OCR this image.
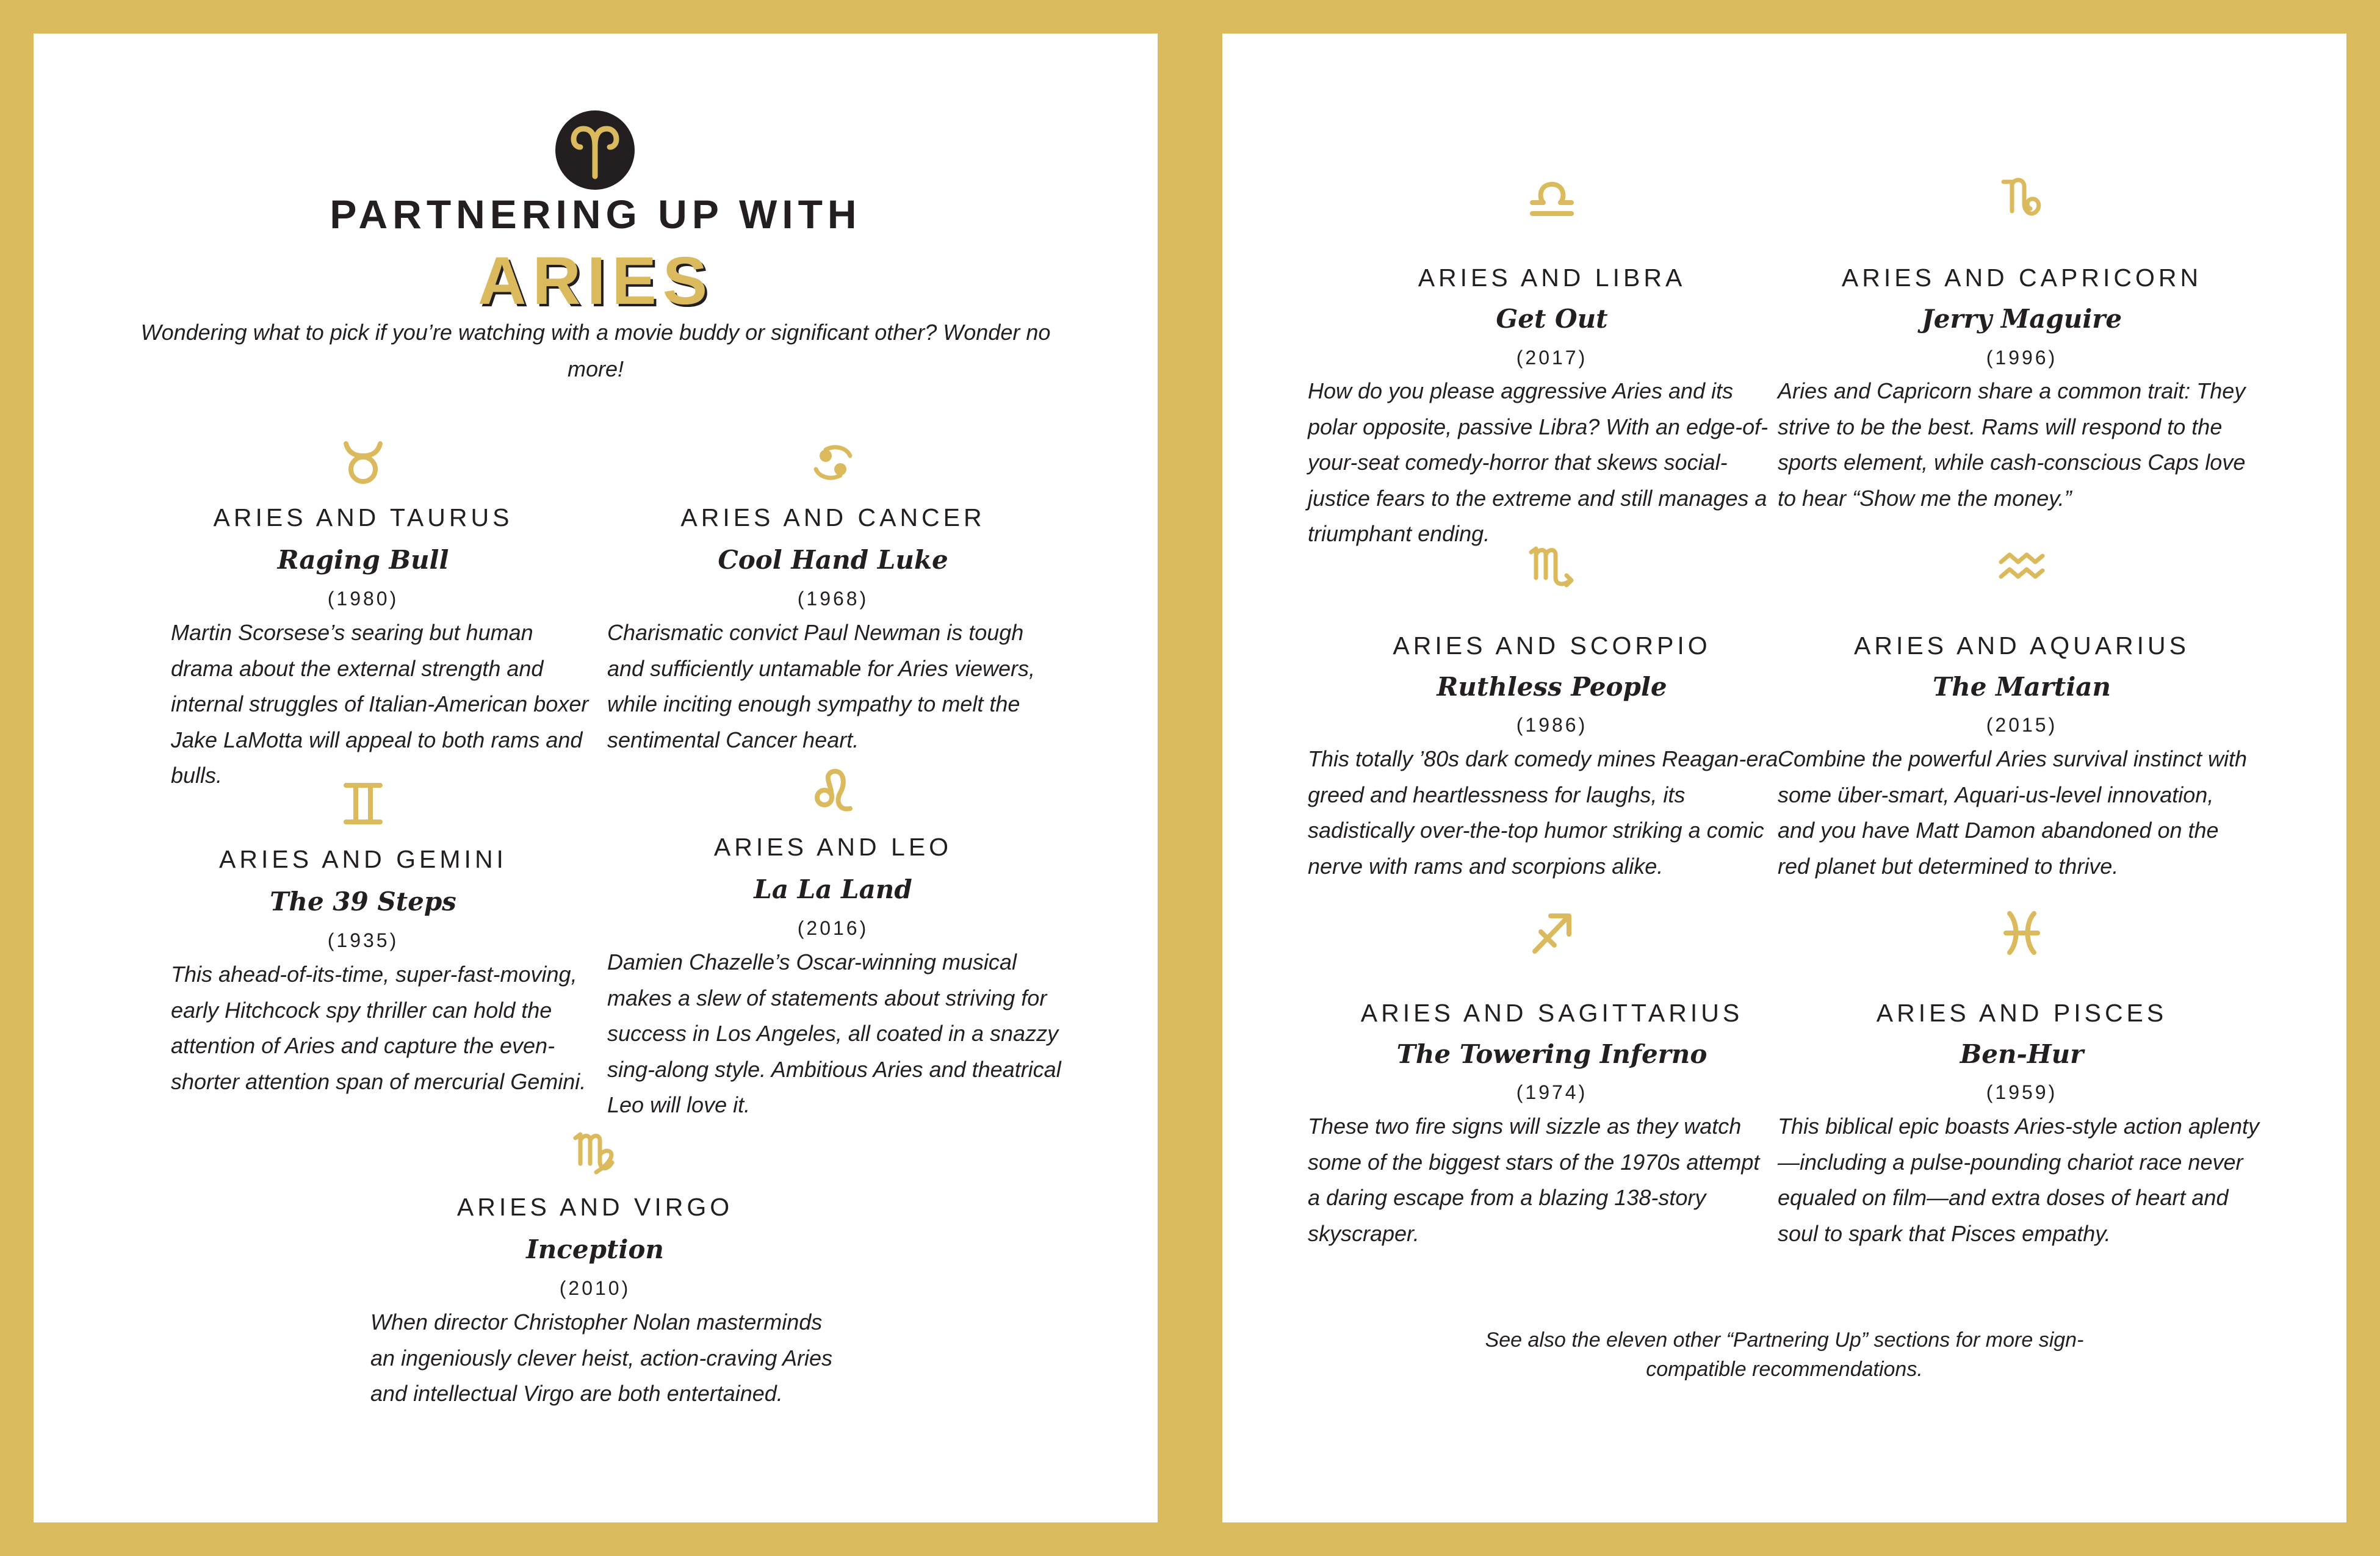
PARTNERING UP WITH
ARIES
Wondering what to pick if you’re watching with a movie buddy or significant other? Wonder no more!
ARIES AND TAURUS
Raging Bull
(1980)
Martin Scorsese’s searing but human drama about the external strength and internal struggles of Italian-American boxer Jake LaMotta will appeal to both rams and bulls.
ARIES AND CANCER
Cool Hand Luke
(1968)
Charismatic convict Paul Newman is tough and sufficiently untamable for Aries viewers, while inciting enough sympathy to melt the sentimental Cancer heart.
ARIES AND GEMINI
The 39 Steps
(1935)
This ahead-of-its-time, super-fast-moving, early Hitchcock spy thriller can hold the attention of Aries and capture the even-shorter attention span of mercurial Gemini.
ARIES AND LEO
La La Land
(2016)
Damien Chazelle’s Oscar-winning musical makes a slew of statements about striving for success in Los Angeles, all coated in a snazzy sing-along style. Ambitious Aries and theatrical Leo will love it.
ARIES AND VIRGO
Inception
(2010)
When director Christopher Nolan masterminds an ingeniously clever heist, action-craving Aries and intellectual Virgo are both entertained.
ARIES AND LIBRA
Get Out
(2017)
How do you please aggressive Aries and its polar opposite, passive Libra? With an edge-of-your-seat comedy-horror that skews social-justice fears to the extreme and still manages a triumphant ending.
ARIES AND CAPRICORN
Jerry Maguire
(1996)
Aries and Capricorn share a common trait: They strive to be the best. Rams will respond to the sports element, while cash-conscious Caps love to hear “Show me the money.”
ARIES AND SCORPIO
Ruthless People
(1986)
This totally ’80s dark comedy mines Reagan-era greed and heartlessness for laughs, its sadistically over-the-top humor striking a comic nerve with rams and scorpions alike.
ARIES AND AQUARIUS
The Martian
(2015)
Combine the powerful Aries survival instinct with some über-smart, Aquari-us-level innovation, and you have Matt Damon abandoned on the red planet but determined to thrive.
ARIES AND SAGITTARIUS
The Towering Inferno
(1974)
These two fire signs will sizzle as they watch some of the biggest stars of the 1970s attempt a daring escape from a blazing 138-story skyscraper.
ARIES AND PISCES
Ben-Hur
(1959)
This biblical epic boasts Aries-style action aplenty—including a pulse-pounding chariot race never equaled on film—and extra doses of heart and soul to spark that Pisces empathy.
See also the eleven other “Partnering Up” sections for more sign-compatible recommendations.
